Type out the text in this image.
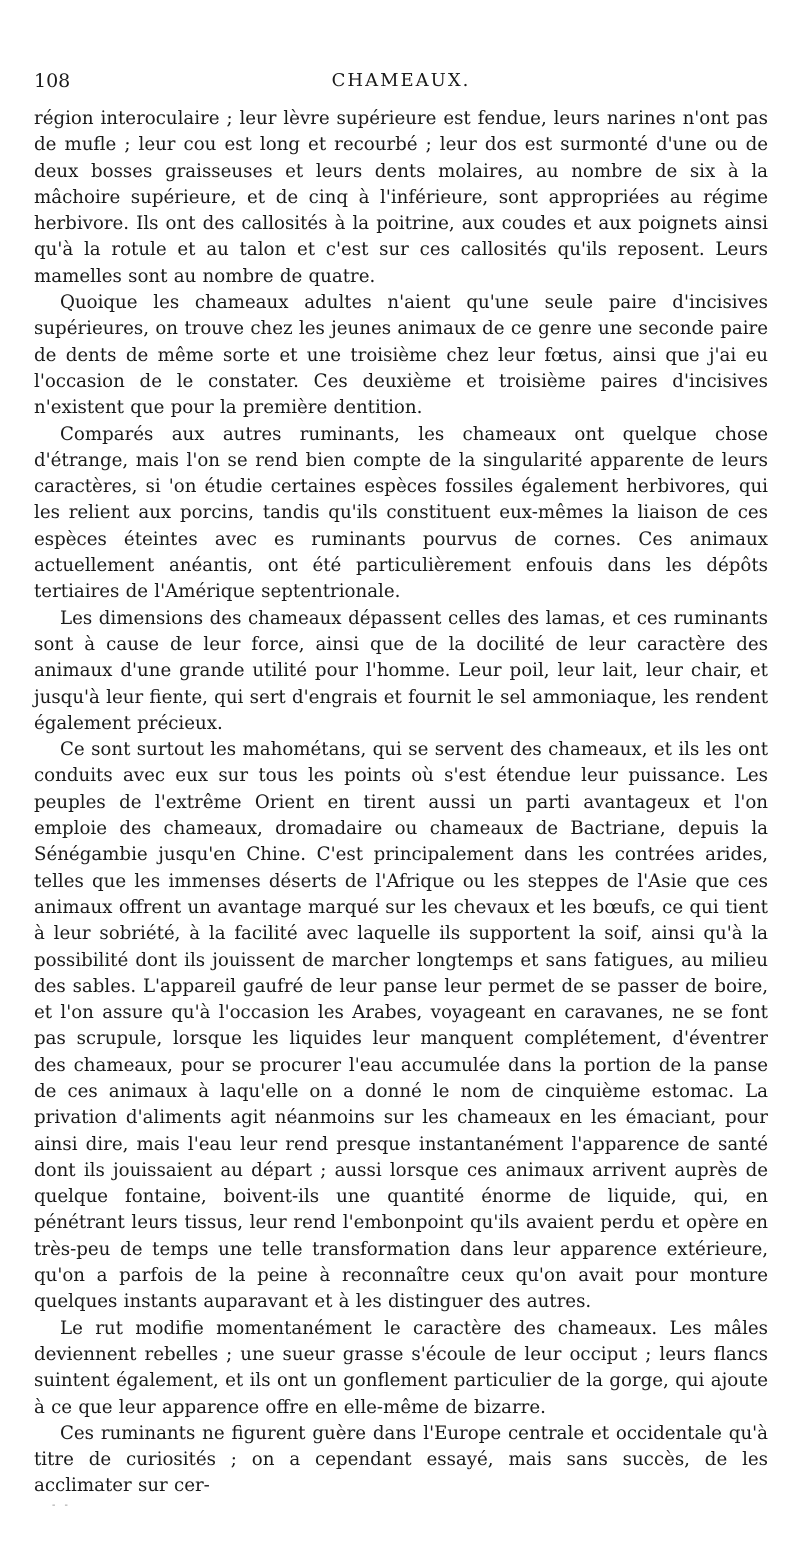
108	CHAMEAUX.

région interoculaire ; leur lèvre supérieure est fendue, leurs narines n'ont pas de mufle ; leur cou est long et recourbé ; leur dos est surmonté d'une ou de deux bosses graisseuses et leurs dents molaires, au nombre de six à la mâchoire supérieure, et de cinq à l'inférieure, sont appropriées au régime herbivore. Ils ont des callosités à la poitrine, aux coudes et aux poignets ainsi qu'à la rotule et au talon et c'est sur ces callosités qu'ils reposent. Leurs mamelles sont au nombre de quatre.

Quoique les chameaux adultes n'aient qu'une seule paire d'incisives supérieures, on trouve chez les jeunes animaux de ce genre une seconde paire de dents de même sorte et une troisième chez leur fœtus, ainsi que j'ai eu l'occasion de le constater. Ces deuxième et troisième paires d'incisives n'existent que pour la première dentition.

Comparés aux autres ruminants, les chameaux ont quelque chose d'étrange, mais l'on se rend bien compte de la singularité apparente de leurs caractères, si 'on étudie certaines espèces fossiles également herbivores, qui les relient aux porcins, tandis qu'ils constituent eux-mêmes la liaison de ces espèces éteintes avec es ruminants pourvus de cornes. Ces animaux actuellement anéantis, ont été particulièrement enfouis dans les dépôts tertiaires de l'Amérique septentrionale.

Les dimensions des chameaux dépassent celles des lamas, et ces ruminants sont à cause de leur force, ainsi que de la docilité de leur caractère des animaux d'une grande utilité pour l'homme. Leur poil, leur lait, leur chair, et jusqu'à leur fiente, qui sert d'engrais et fournit le sel ammoniaque, les rendent également précieux.

Ce sont surtout les mahométans, qui se servent des chameaux, et ils les ont conduits avec eux sur tous les points où s'est étendue leur puissance. Les peuples de l'extrême Orient en tirent aussi un parti avantageux et l'on emploie des chameaux, dromadaire ou chameaux de Bactriane, depuis la Sénégambie jusqu'en Chine. C'est principalement dans les contrées arides, telles que les immenses déserts de l'Afrique ou les steppes de l'Asie que ces animaux offrent un avantage marqué sur les chevaux et les bœufs, ce qui tient à leur sobriété, à la facilité avec laquelle ils supportent la soif, ainsi qu'à la possibilité dont ils jouissent de marcher longtemps et sans fatigues, au milieu des sables. L'appareil gaufré de leur panse leur permet de se passer de boire, et l'on assure qu'à l'occasion les Arabes, voyageant en caravanes, ne se font pas scrupule, lorsque les liquides leur manquent complétement, d'éventrer des chameaux, pour se procurer l'eau accumulée dans la portion de la panse de ces animaux à laqu'elle on a donné le nom de cinquième estomac. La privation d'aliments agit néanmoins sur les chameaux en les émaciant, pour ainsi dire, mais l'eau leur rend presque instantanément l'apparence de santé dont ils jouissaient au départ ; aussi lorsque ces animaux arrivent auprès de quelque fontaine, boivent-ils une quantité énorme de liquide, qui, en pénétrant leurs tissus, leur rend l'embonpoint qu'ils avaient perdu et opère en très-peu de temps une telle transformation dans leur apparence extérieure, qu'on a parfois de la peine à reconnaître ceux qu'on avait pour monture quelques instants auparavant et à les distinguer des autres.

Le rut modifie momentanément le caractère des chameaux. Les mâles deviennent rebelles ; une sueur grasse s'écoule de leur occiput ; leurs flancs suintent également, et ils ont un gonflement particulier de la gorge, qui ajoute à ce que leur apparence offre en elle-même de bizarre.

Ces ruminants ne figurent guère dans l'Europe centrale et occidentale qu'à titre de curiosités ; on a cependant essayé, mais sans succès, de les acclimater sur cer-

- -
